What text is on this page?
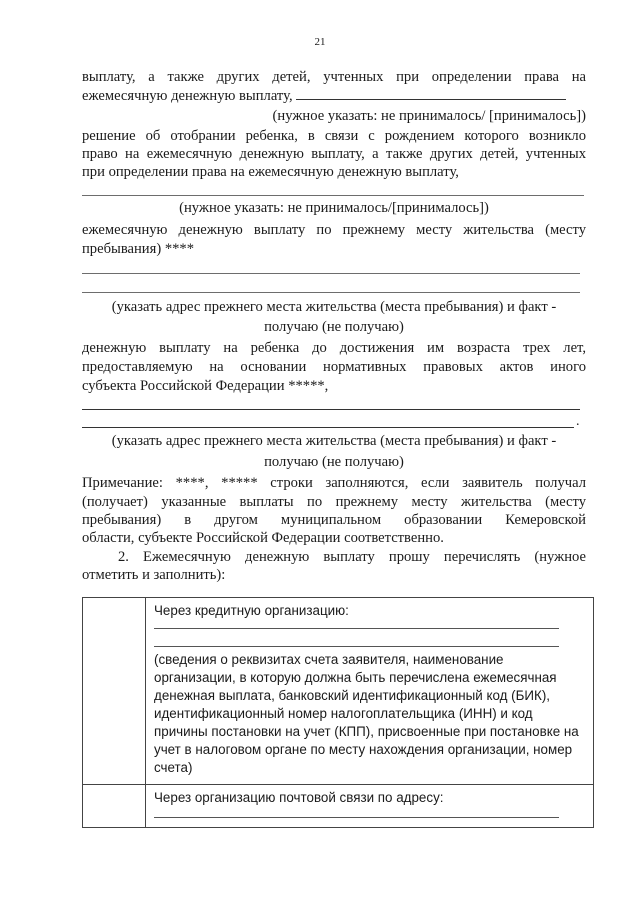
21
выплату, а также других детей, учтенных при определении права на
ежемесячную денежную выплату,
(нужное указать: не принималось/ [принималось])
решение об отобрании ребенка, в связи с рождением которого возникло
право на ежемесячную денежную выплату, а также других детей, учтенных
при определении права на ежемесячную денежную выплату,
(нужное указать: не принималось/[принималось])
ежемесячную денежную выплату по прежнему месту жительства (месту
пребывания) ****
(указать адрес прежнего места жительства (места пребывания) и факт -
получаю (не получаю)
денежную выплату на ребенка до достижения им возраста трех лет,
предоставляемую на основании нормативных правовых актов иного
субъекта Российской Федерации *****,
.
(указать адрес прежнего места жительства (места пребывания) и факт -
получаю (не получаю)
Примечание: ****, ***** строки заполняются, если заявитель получал
(получает) указанные выплаты по прежнему месту жительства (месту
пребывания) в другом муниципальном образовании Кемеровской
области, субъекте Российской Федерации соответственно.
2. Ежемесячную денежную выплату прошу перечислять (нужное
отметить и заполнить):

	Через кредитную организацию:
(сведения о реквизитах счета заявителя, наименование организации, в которую должна быть перечислена ежемесячная денежная выплата, банковский идентификационный код (БИК), идентификационный номер налогоплательщика (ИНН) и код причины постановки на учет (КПП), присвоенные при постановке на учет в налоговом органе по месту нахождения организации, номер счета)

	Через организацию почтовой связи по адресу:
